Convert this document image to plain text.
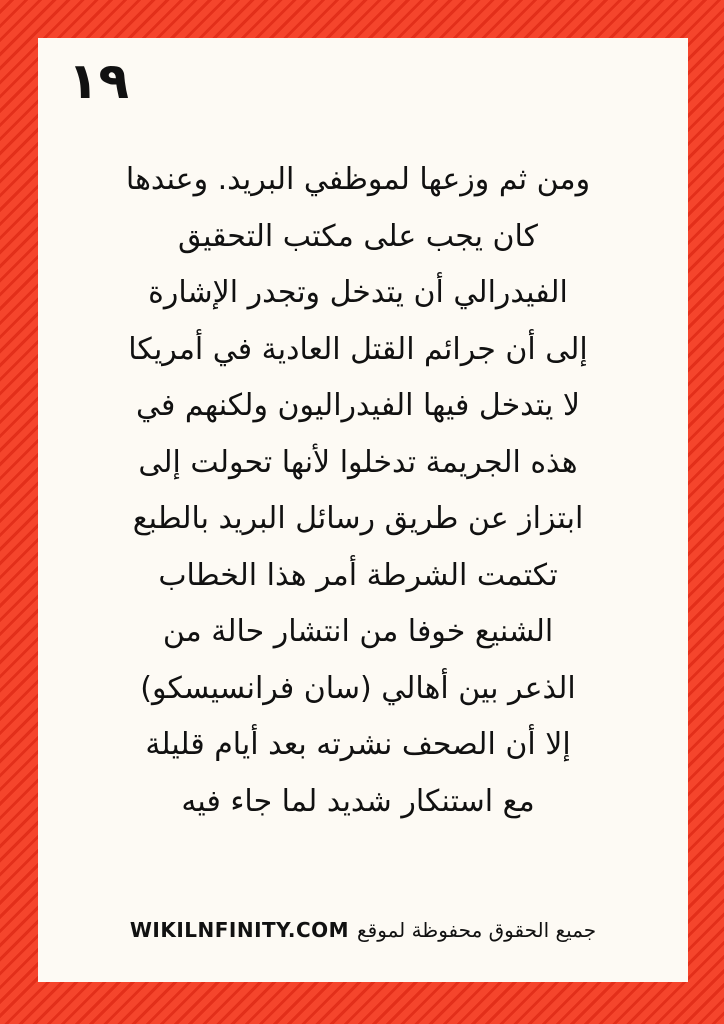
١٩
ومن ثم وزعها لموظفي البريد. وعندها
كان يجب على مكتب التحقيق
الفيدرالي أن يتدخل وتجدر الإشارة
إلى أن جرائم القتل العادية في أمريكا
لا يتدخل فيها الفيدراليون ولكنهم في
هذه الجريمة تدخلوا لأنها تحولت إلى
ابتزاز عن طريق رسائل البريد بالطبع
تكتمت الشرطة أمر هذا الخطاب
الشنيع خوفا من انتشار حالة من
الذعر بين أهالي (سان فرانسيسكو)
إلا أن الصحف نشرته بعد أيام قليلة
مع استنكار شديد لما جاء فيه
WIKILNFINITY.COM جميع الحقوق محفوظة لموقع
